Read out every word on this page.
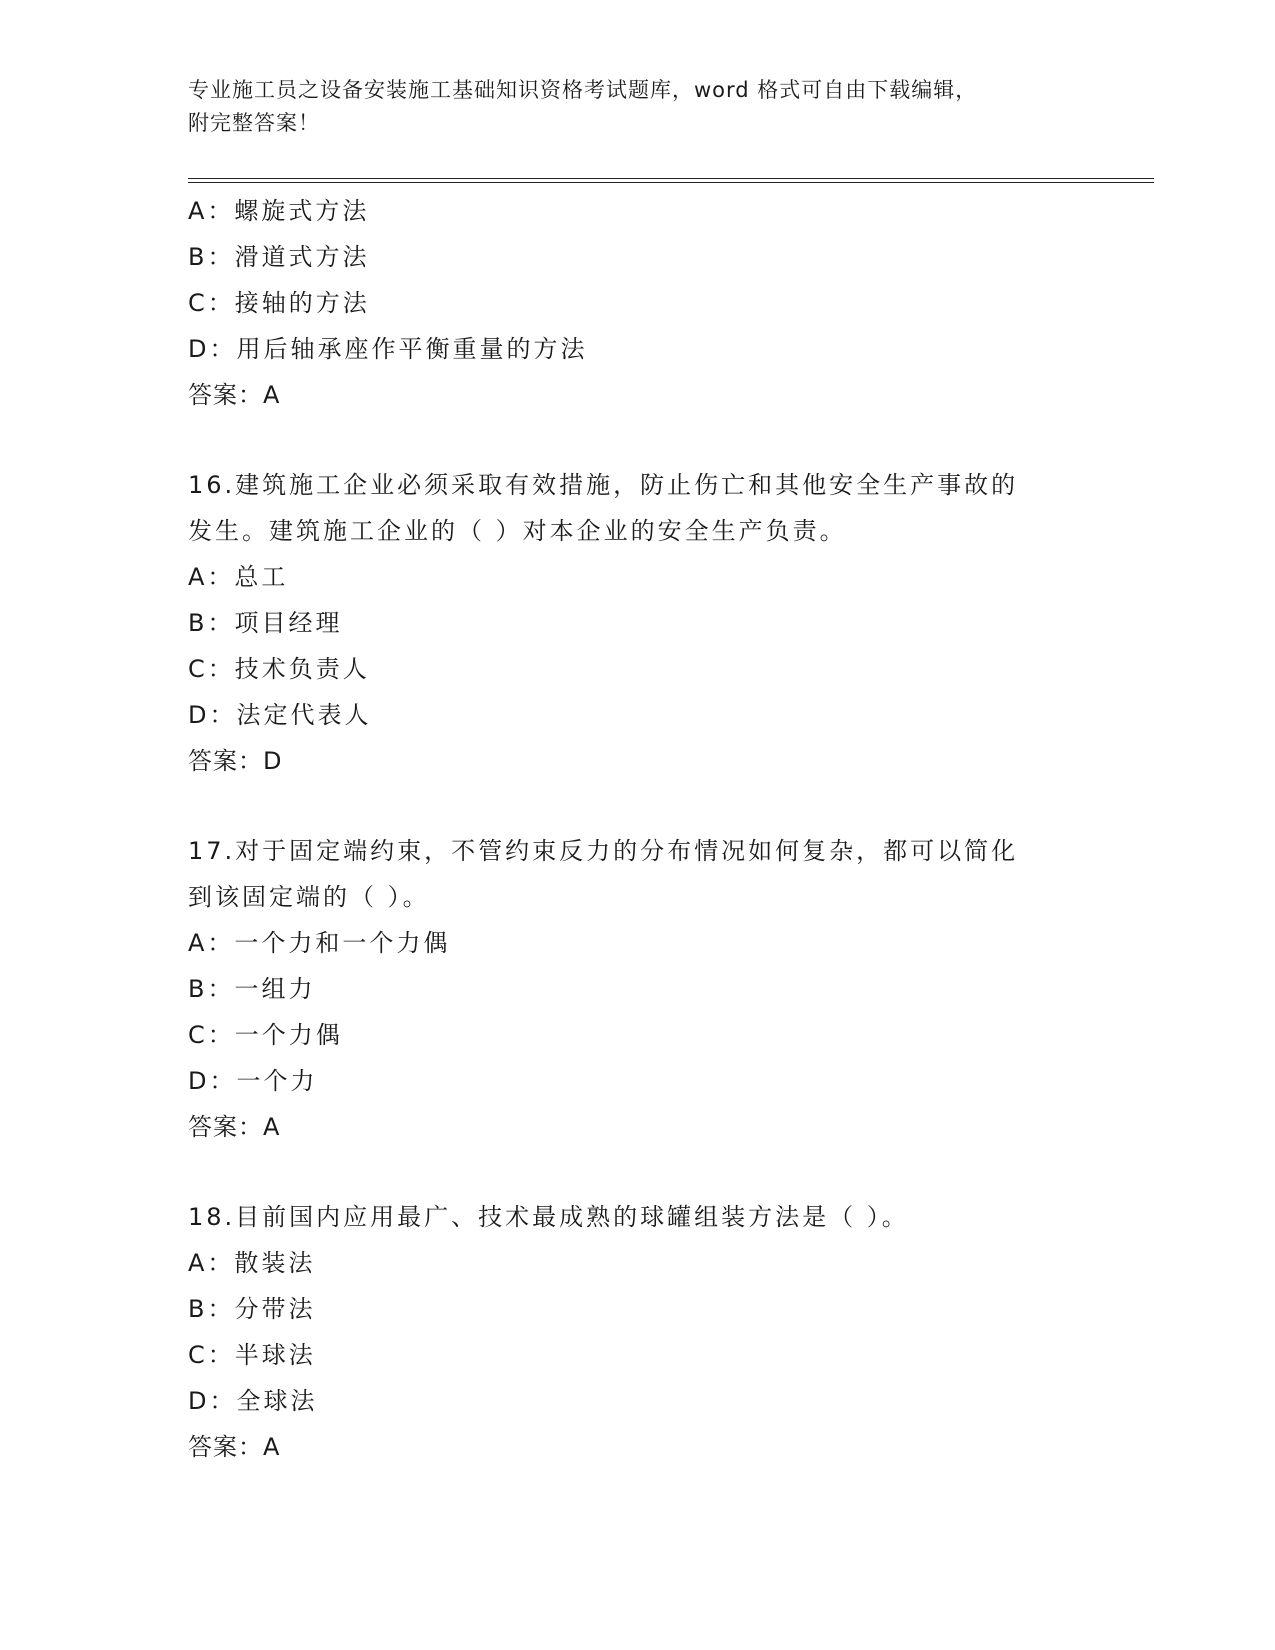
专业施工员之设备安装施工基础知识资格考试题库，word 格式可自由下载编辑，
附完整答案！
A：螺旋式方法
B：滑道式方法
C：接轴的方法
D：用后轴承座作平衡重量的方法
答案：A
16.建筑施工企业必须采取有效措施，防止伤亡和其他安全生产事故的
发生。建筑施工企业的（ ）对本企业的安全生产负责。
A：总工
B：项目经理
C：技术负责人
D：法定代表人
答案：D
17.对于固定端约束，不管约束反力的分布情况如何复杂，都可以简化
到该固定端的（ ）。
A：一个力和一个力偶
B：一组力
C：一个力偶
D：一个力
答案：A
18.目前国内应用最广、技术最成熟的球罐组装方法是（ ）。
A：散装法
B：分带法
C：半球法
D：全球法
答案：A
